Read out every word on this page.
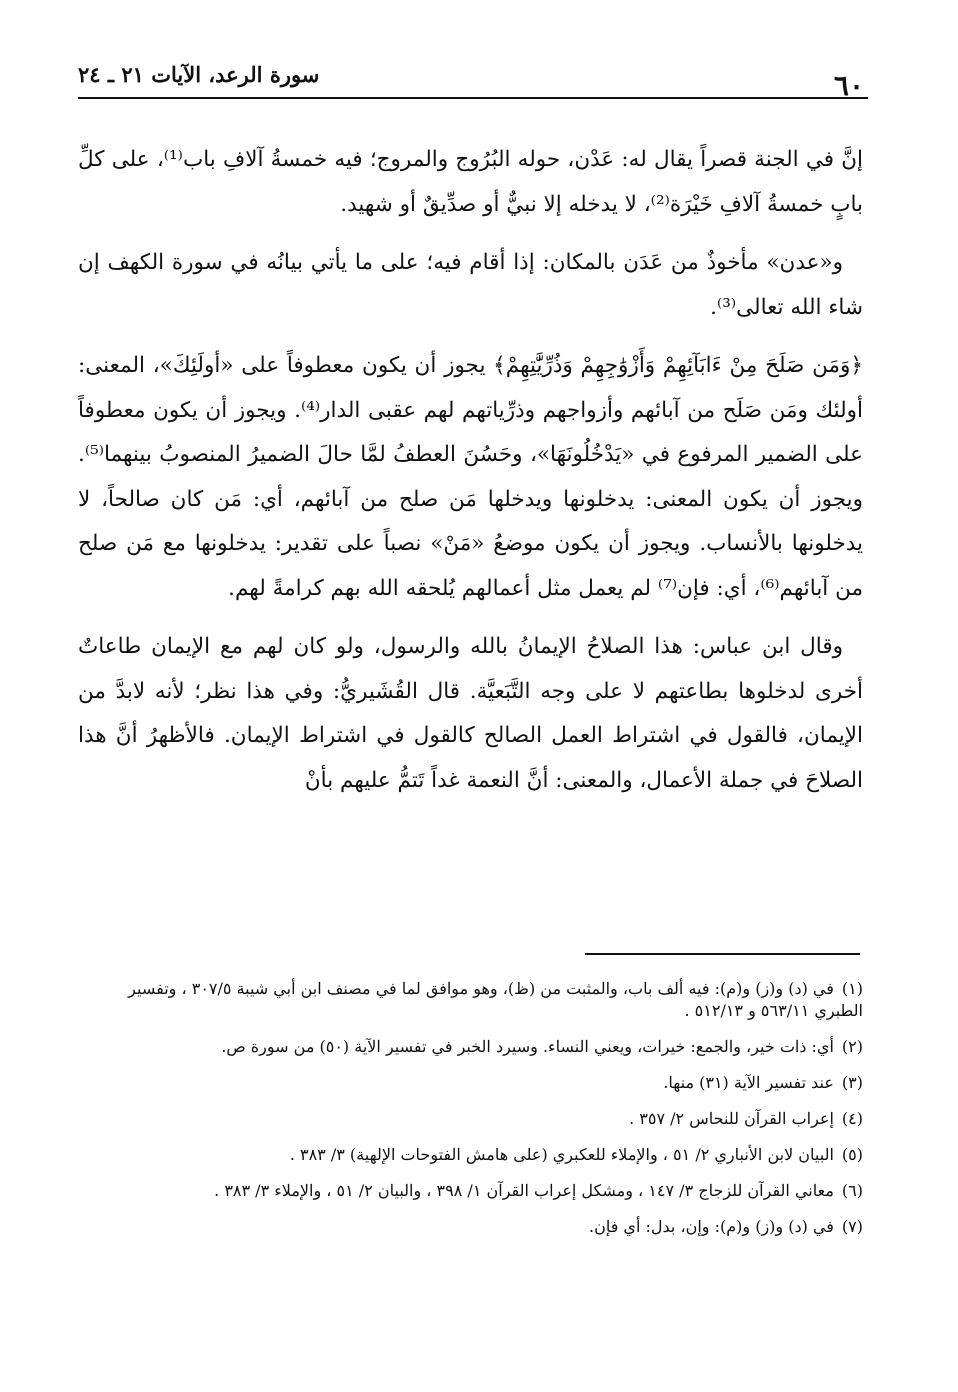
٦٠
سورة الرعد، الآيات ٢١ ـ ٢٤

إنَّ في الجنة قصراً يقال له: عَدْن، حوله البُرُوج والمروج؛ فيه خمسةُ آلافِ باب⁽¹⁾، على كلِّ بابٍ خمسةُ آلافِ خَيْرَة⁽²⁾، لا يدخله إلا نبيٌّ أو صدِّيقٌ أو شهيد.

و«عدن» مأخوذٌ من عَدَن بالمكان: إذا أقام فيه؛ على ما يأتي بيانُه في سورة الكهف إن شاء الله تعالى⁽³⁾.

﴿وَمَن صَلَحَ مِنْ ءَابَآئِهِمْ وَأَزْوَٰجِهِمْ وَذُرِّيَّٰتِهِمْ﴾ يجوز أن يكون معطوفاً على «أولَئِكَ»، المعنى: أولئك ومَن صَلَح من آبائهم وأزواجهم وذرِّياتهم لهم عقبى الدار⁽⁴⁾. ويجوز أن يكون معطوفاً على الضمير المرفوع في «يَدْخُلُونَهَا»، وحَسُنَ العطفُ لمَّا حالَ الضميرُ المنصوبُ بينهما⁽⁵⁾. ويجوز أن يكون المعنى: يدخلونها ويدخلها مَن صلح من آبائهم، أي: مَن كان صالحاً، لا يدخلونها بالأنساب. ويجوز أن يكون موضعُ «مَنْ» نصباً على تقدير: يدخلونها مع مَن صلح من آبائهم⁽⁶⁾، أي: فإن⁽⁷⁾ لم يعمل مثل أعمالهم يُلحقه الله بهم كرامةً لهم.

وقال ابن عباس: هذا الصلاحُ الإيمانُ بالله والرسول، ولو كان لهم مع الإيمان طاعاتٌ أخرى لدخلوها بطاعتهم لا على وجه التَّبَعيَّة. قال القُشَيريُّ: وفي هذا نظر؛ لأنه لابدَّ من الإيمان، فالقول في اشتراط العمل الصالح كالقول في اشتراط الإيمان. فالأظهرُ أنَّ هذا الصلاحَ في جملة الأعمال، والمعنى: أنَّ النعمة غداً تَتمُّ عليهم بأنْ

(١)في (د) و(ز) و(م): فيه ألف باب، والمثبت من (ظ)، وهو موافق لما في مصنف ابن أبي شيبة ٣٠٧/٥ ، وتفسير الطبري ٥٦٣/١١ و ٥١٢/١٣ .
(٢)أي: ذات خير، والجمع: خيرات، ويعني النساء. وسيرد الخبر في تفسير الآية (٥٠) من سورة ص.
(٣)عند تفسير الآية (٣١) منها.
(٤)إعراب القرآن للنحاس ٢/ ٣٥٧ .
(٥)البيان لابن الأنباري ٢/ ٥١ ، والإملاء للعكبري (على هامش الفتوحات الإلهية) ٣/ ٣٨٣ .
(٦)معاني القرآن للزجاج ٣/ ١٤٧ ، ومشكل إعراب القرآن ١/ ٣٩٨ ، والبيان ٢/ ٥١ ، والإملاء ٣/ ٣٨٣ .
(٧)في (د) و(ز) و(م): وإن، بدل: أي فإن.
